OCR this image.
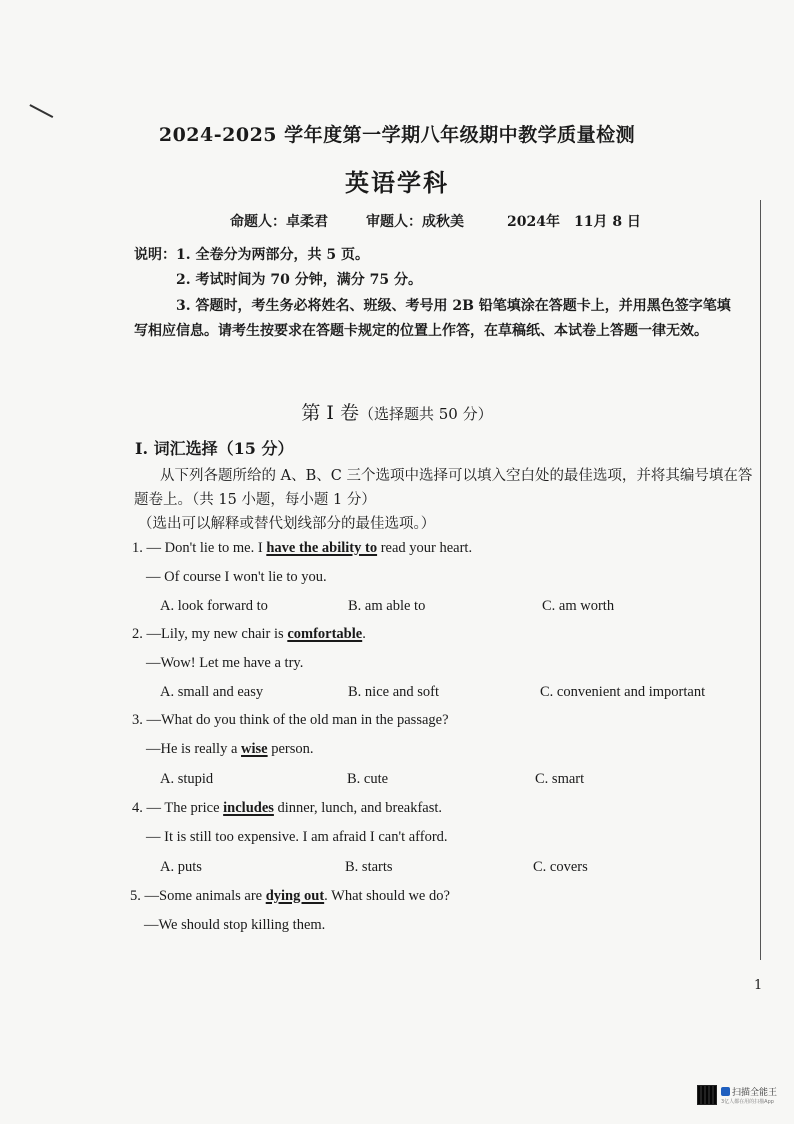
2024-2025 学年度第一学期八年级期中教学质量检测
英语学科
命题人：卓柔君	审题人：成秋美	2024年　11月 8 日
说明： 1. 全卷分为两部分，共 5 页。
2. 考试时间为 70 分钟，满分 75 分。
3. 答题时，考生务必将姓名、班级、考号用 2B 铅笔填涂在答题卡上，并用黑色签字笔填
写相应信息。请考生按要求在答题卡规定的位置上作答，在草稿纸、本试卷上答题一律无效。
第 I 卷（选择题共 50 分）
I. 词汇选择（15 分）
从下列各题所给的 A、B、C 三个选项中选择可以填入空白处的最佳选项，并将其编号填在答
题卷上。（共 15 小题，每小题 1 分）
（选出可以解释或替代划线部分的最佳选项。）
1. — Don't lie to me. I have the ability to read your heart.
— Of course I won't lie to you.
A. look forward to	B. am able to	C. am worth
2. —Lily, my new chair is comfortable.
—Wow! Let me have a try.
A. small and easy	B. nice and soft	C. convenient and important
3. —What do you think of the old man in the passage?
—He is really a wise person.
A. stupid	B. cute	C. smart
4. — The price includes dinner, lunch, and breakfast.
— It is still too expensive. I am afraid I can't afford.
A. puts	B. starts	C. covers
5. —Some animals are dying out. What should we do?
—We should stop killing them.
1
扫描全能王
3亿人都在用的扫描App
